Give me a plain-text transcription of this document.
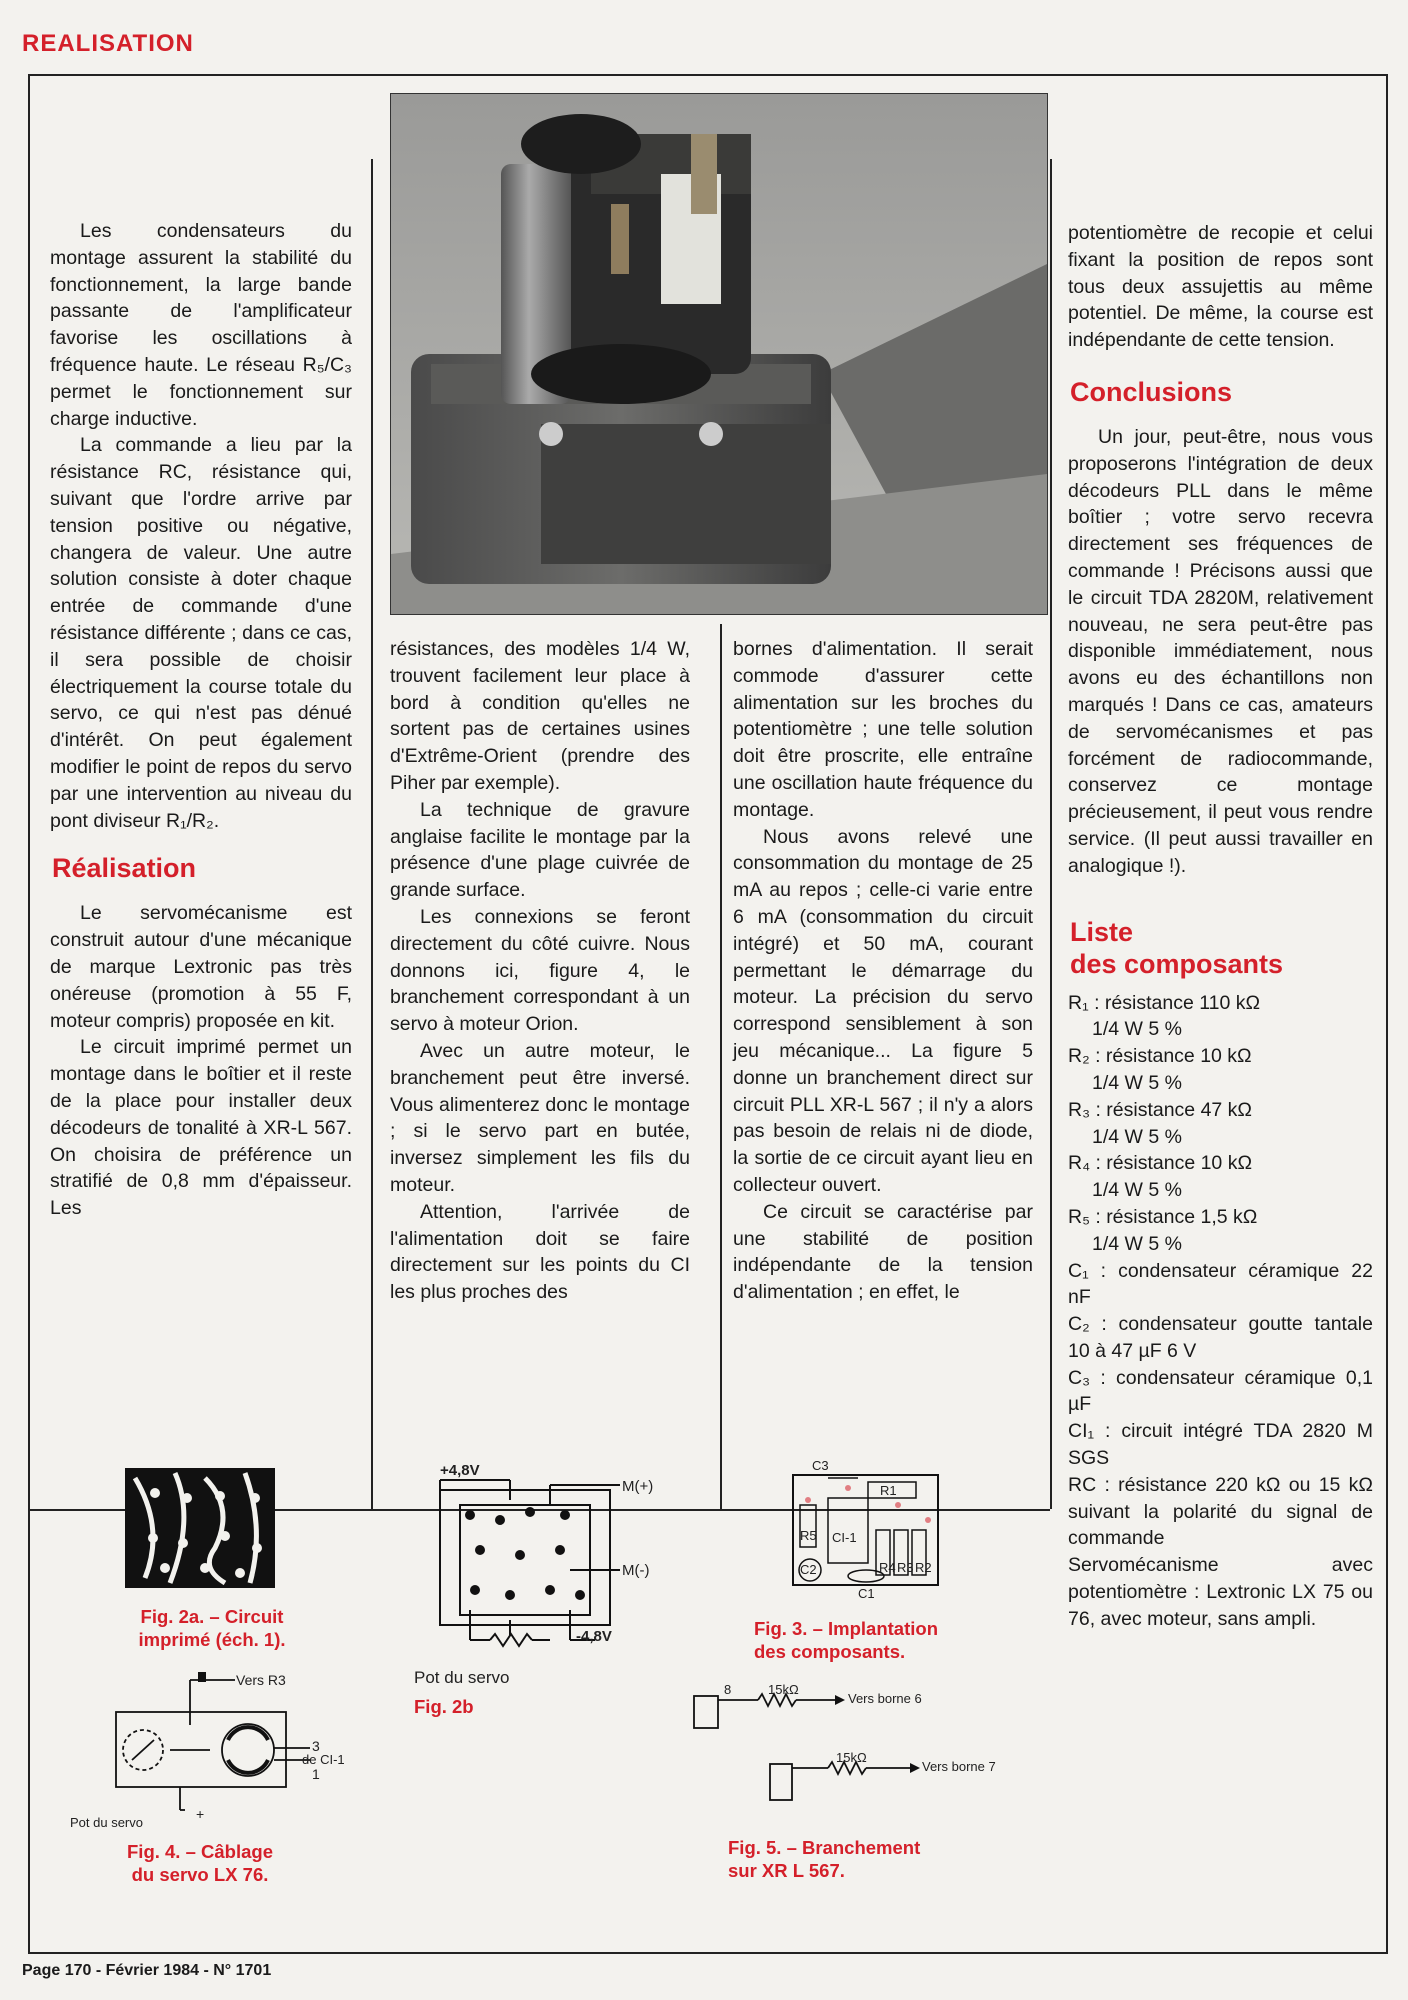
REALISATION

Les condensateurs du montage assurent la stabilité du fonctionnement, la large bande passante de l'amplificateur favorise les oscillations à fréquence haute. Le réseau R₅/C₃ permet le fonctionnement sur charge inductive.

La commande a lieu par la résistance RC, résistance qui, suivant que l'ordre arrive par tension positive ou négative, changera de valeur. Une autre solution consiste à doter chaque entrée de commande d'une résistance différente ; dans ce cas, il sera possible de choisir électriquement la course totale du servo, ce qui n'est pas dénué d'intérêt. On peut également modifier le point de repos du servo par une intervention au niveau du pont diviseur R₁/R₂.

Réalisation

Le servomécanisme est construit autour d'une mécanique de marque Lextronic pas très onéreuse (promotion à 55 F, moteur compris) proposée en kit.

Le circuit imprimé permet un montage dans le boîtier et il reste de la place pour installer deux décodeurs de tonalité à XR-L 567. On choisira de préférence un stratifié de 0,8 mm d'épaisseur. Les

résistances, des modèles 1/4 W, trouvent facilement leur place à bord à condition qu'elles ne sortent pas de certaines usines d'Extrême-Orient (prendre des Piher par exemple).

La technique de gravure anglaise facilite le montage par la présence d'une plage cuivrée de grande surface.

Les connexions se feront directement du côté cuivre. Nous donnons ici, figure 4, le branchement correspondant à un servo à moteur Orion.

Avec un autre moteur, le branchement peut être inversé. Vous alimenterez donc le montage ; si le servo part en butée, inversez simplement les fils du moteur.

Attention, l'arrivée de l'alimentation doit se faire directement sur les points du CI les plus proches des

bornes d'alimentation. Il serait commode d'assurer cette alimentation sur les broches du potentiomètre ; une telle solution doit être proscrite, elle entraîne une oscillation haute fréquence du montage.

Nous avons relevé une consommation du montage de 25 mA au repos ; celle-ci varie entre 6 mA (consommation du circuit intégré) et 50 mA, courant permettant le démarrage du moteur. La précision du servo correspond sensiblement à son jeu mécanique... La figure 5 donne un branchement direct sur circuit PLL XR-L 567 ; il n'y a alors pas besoin de relais ni de diode, la sortie de ce circuit ayant lieu en collecteur ouvert.

Ce circuit se caractérise par une stabilité de position indépendante de la tension d'alimentation ; en effet, le

potentiomètre de recopie et celui fixant la position de repos sont tous deux assujettis au même potentiel. De même, la course est indépendante de cette tension.

Conclusions

Un jour, peut-être, nous vous proposerons l'intégration de deux décodeurs PLL dans le même boîtier ; votre servo recevra directement ses fréquences de commande ! Précisons aussi que le circuit TDA 2820M, relativement nouveau, ne sera peut-être pas disponible immédiatement, nous avons eu des échantillons non marqués ! Dans ce cas, amateurs de servomécanismes et pas forcément de radiocommande, conservez ce montage précieusement, il peut vous rendre service. (Il peut aussi travailler en analogique !).

Liste
des composants

R₁ : résistance 110 kΩ

1/4 W 5 %

R₂ : résistance 10 kΩ

1/4 W 5 %

R₃ : résistance 47 kΩ

1/4 W 5 %

R₄ : résistance 10 kΩ

1/4 W 5 %

R₅ : résistance 1,5 kΩ

1/4 W 5 %

C₁ : condensateur céramique 22 nF

C₂ : condensateur goutte tantale 10 à 47 µF 6 V

C₃ : condensateur céramique 0,1 µF

CI₁ : circuit intégré TDA 2820 M SGS

RC : résistance 220 kΩ ou 15 kΩ suivant la polarité du signal de commande

Servomécanisme avec potentiomètre : Lextronic LX 75 ou 76, avec moteur, sans ampli.

Fig. 2a. – Circuit
imprimé (éch. 1).
+4,8V
M(+)
M(-)
-4,8V
Pot du servo
Fig. 2b
C3
R1
R5 CI-1
R4 R3 R2
C2
C1
Fig. 3. – Implantation
des composants.
Vers R3
3
de CI-1
1
Pot du servo
+
Fig. 4. – Câblage
du servo LX 76.
15kΩ
8
Vers borne 6
15kΩ
Vers borne 7
Fig. 5. – Branchement
sur XR L 567.
Page 170 - Février 1984 - N° 1701
